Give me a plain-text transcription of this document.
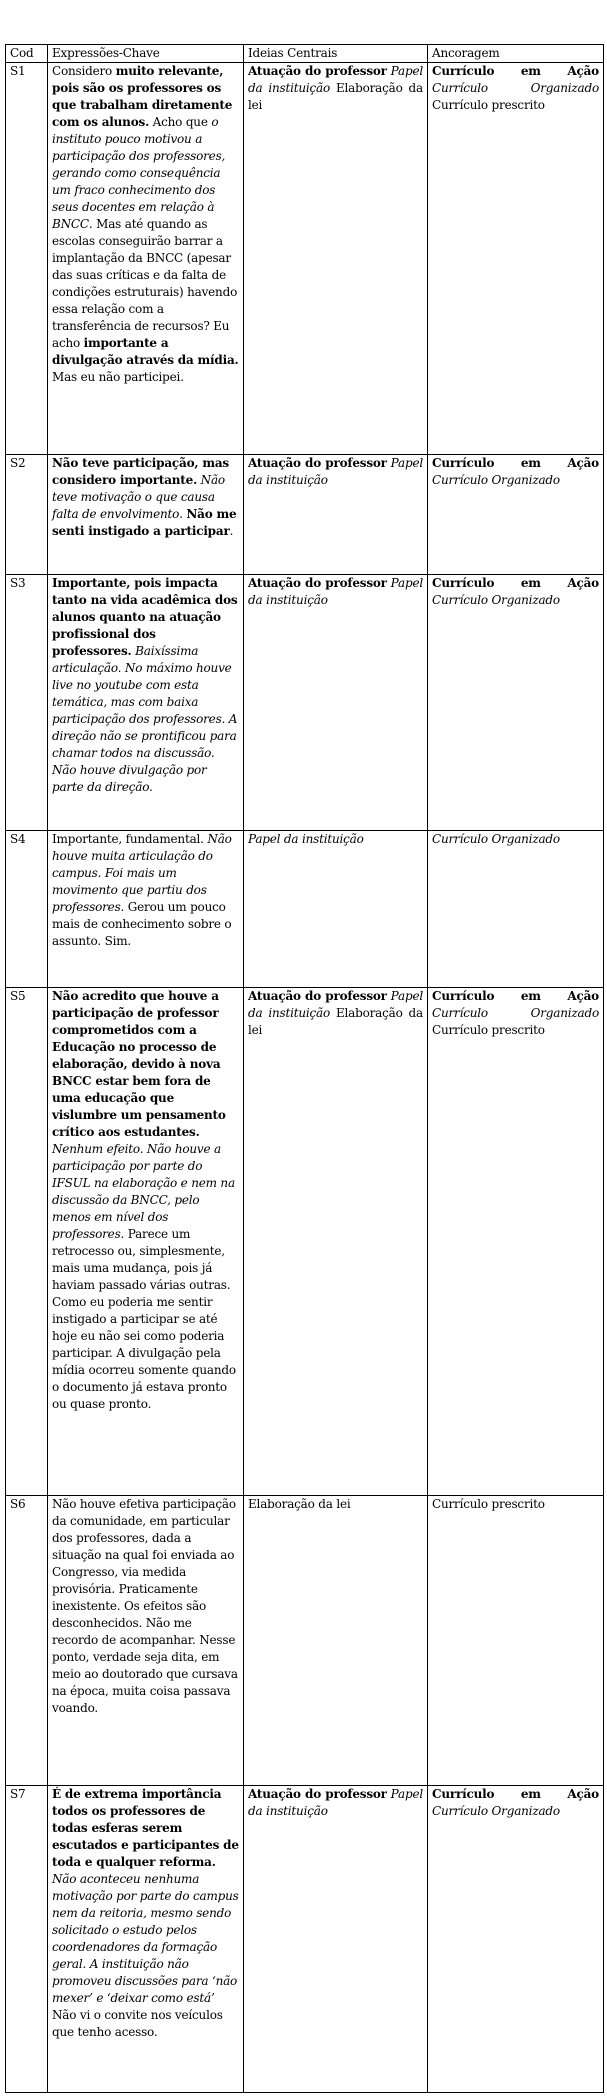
Cod	Expressões-Chave	Ideias Centrais	Ancoragem
S1	Considero muito relevante, pois são os professores os que trabalham diretamente com os alunos. Acho que o instituto pouco motivou a participação dos professores, gerando como consequência um fraco conhecimento dos seus docentes em relação à BNCC. Mas até quando as escolas conseguirão barrar a implantação da BNCC (apesar das suas críticas e da falta de condições estruturais) havendo essa relação com a transferência de recursos? Eu acho importante a divulgação através da mídia. Mas eu não participei.	Atuação do professor Papel da instituição Elaboração da lei	Currículo em Ação Currículo Organizado Currículo prescrito
S2	Não teve participação, mas considero importante. Não teve motivação o que causa falta de envolvimento. Não me senti instigado a participar.	Atuação do professor Papel da instituição	Currículo em Ação Currículo Organizado
S3	Importante, pois impacta tanto na vida acadêmica dos alunos quanto na atuação profissional dos professores. Baixíssima articulação. No máximo houve live no youtube com esta temática, mas com baixa participação dos professores. A direção não se prontificou para chamar todos na discussão. Não houve divulgação por parte da direção.	Atuação do professor Papel da instituição	Currículo em Ação Currículo Organizado
S4	Importante, fundamental. Não houve muita articulação do campus. Foi mais um movimento que partiu dos professores. Gerou um pouco mais de conhecimento sobre o assunto. Sim.	Papel da instituição	Currículo Organizado
S5	Não acredito que houve a participação de professor comprometidos com a Educação no processo de elaboração, devido à nova BNCC estar bem fora de uma educação que vislumbre um pensamento crítico aos estudantes. Nenhum efeito. Não houve a participação por parte do IFSUL na elaboração e nem na discussão da BNCC, pelo menos em nível dos professores. Parece um retrocesso ou, simplesmente, mais uma mudança, pois já haviam passado várias outras. Como eu poderia me sentir instigado a participar se até hoje eu não sei como poderia participar. A divulgação pela mídia ocorreu somente quando o documento já estava pronto ou quase pronto.	Atuação do professor Papel da instituição Elaboração da lei	Currículo em Ação Currículo Organizado Currículo prescrito
S6	Não houve efetiva participação da comunidade, em particular dos professores, dada a situação na qual foi enviada ao Congresso, via medida provisória. Praticamente inexistente. Os efeitos são desconhecidos. Não me recordo de acompanhar. Nesse ponto, verdade seja dita, em meio ao doutorado que cursava na época, muita coisa passava voando.	Elaboração da lei	Currículo prescrito
S7	É de extrema importância todos os professores de todas esferas serem escutados e participantes de toda e qualquer reforma. Não aconteceu nenhuma motivação por parte do campus nem da reitoria, mesmo sendo solicitado o estudo pelos coordenadores da formação geral. A instituição não promoveu discussões para ‘não mexer’ e ‘deixar como está’ Não vi o convite nos veículos que tenho acesso.	Atuação do professor Papel da instituição	Currículo em Ação Currículo Organizado
